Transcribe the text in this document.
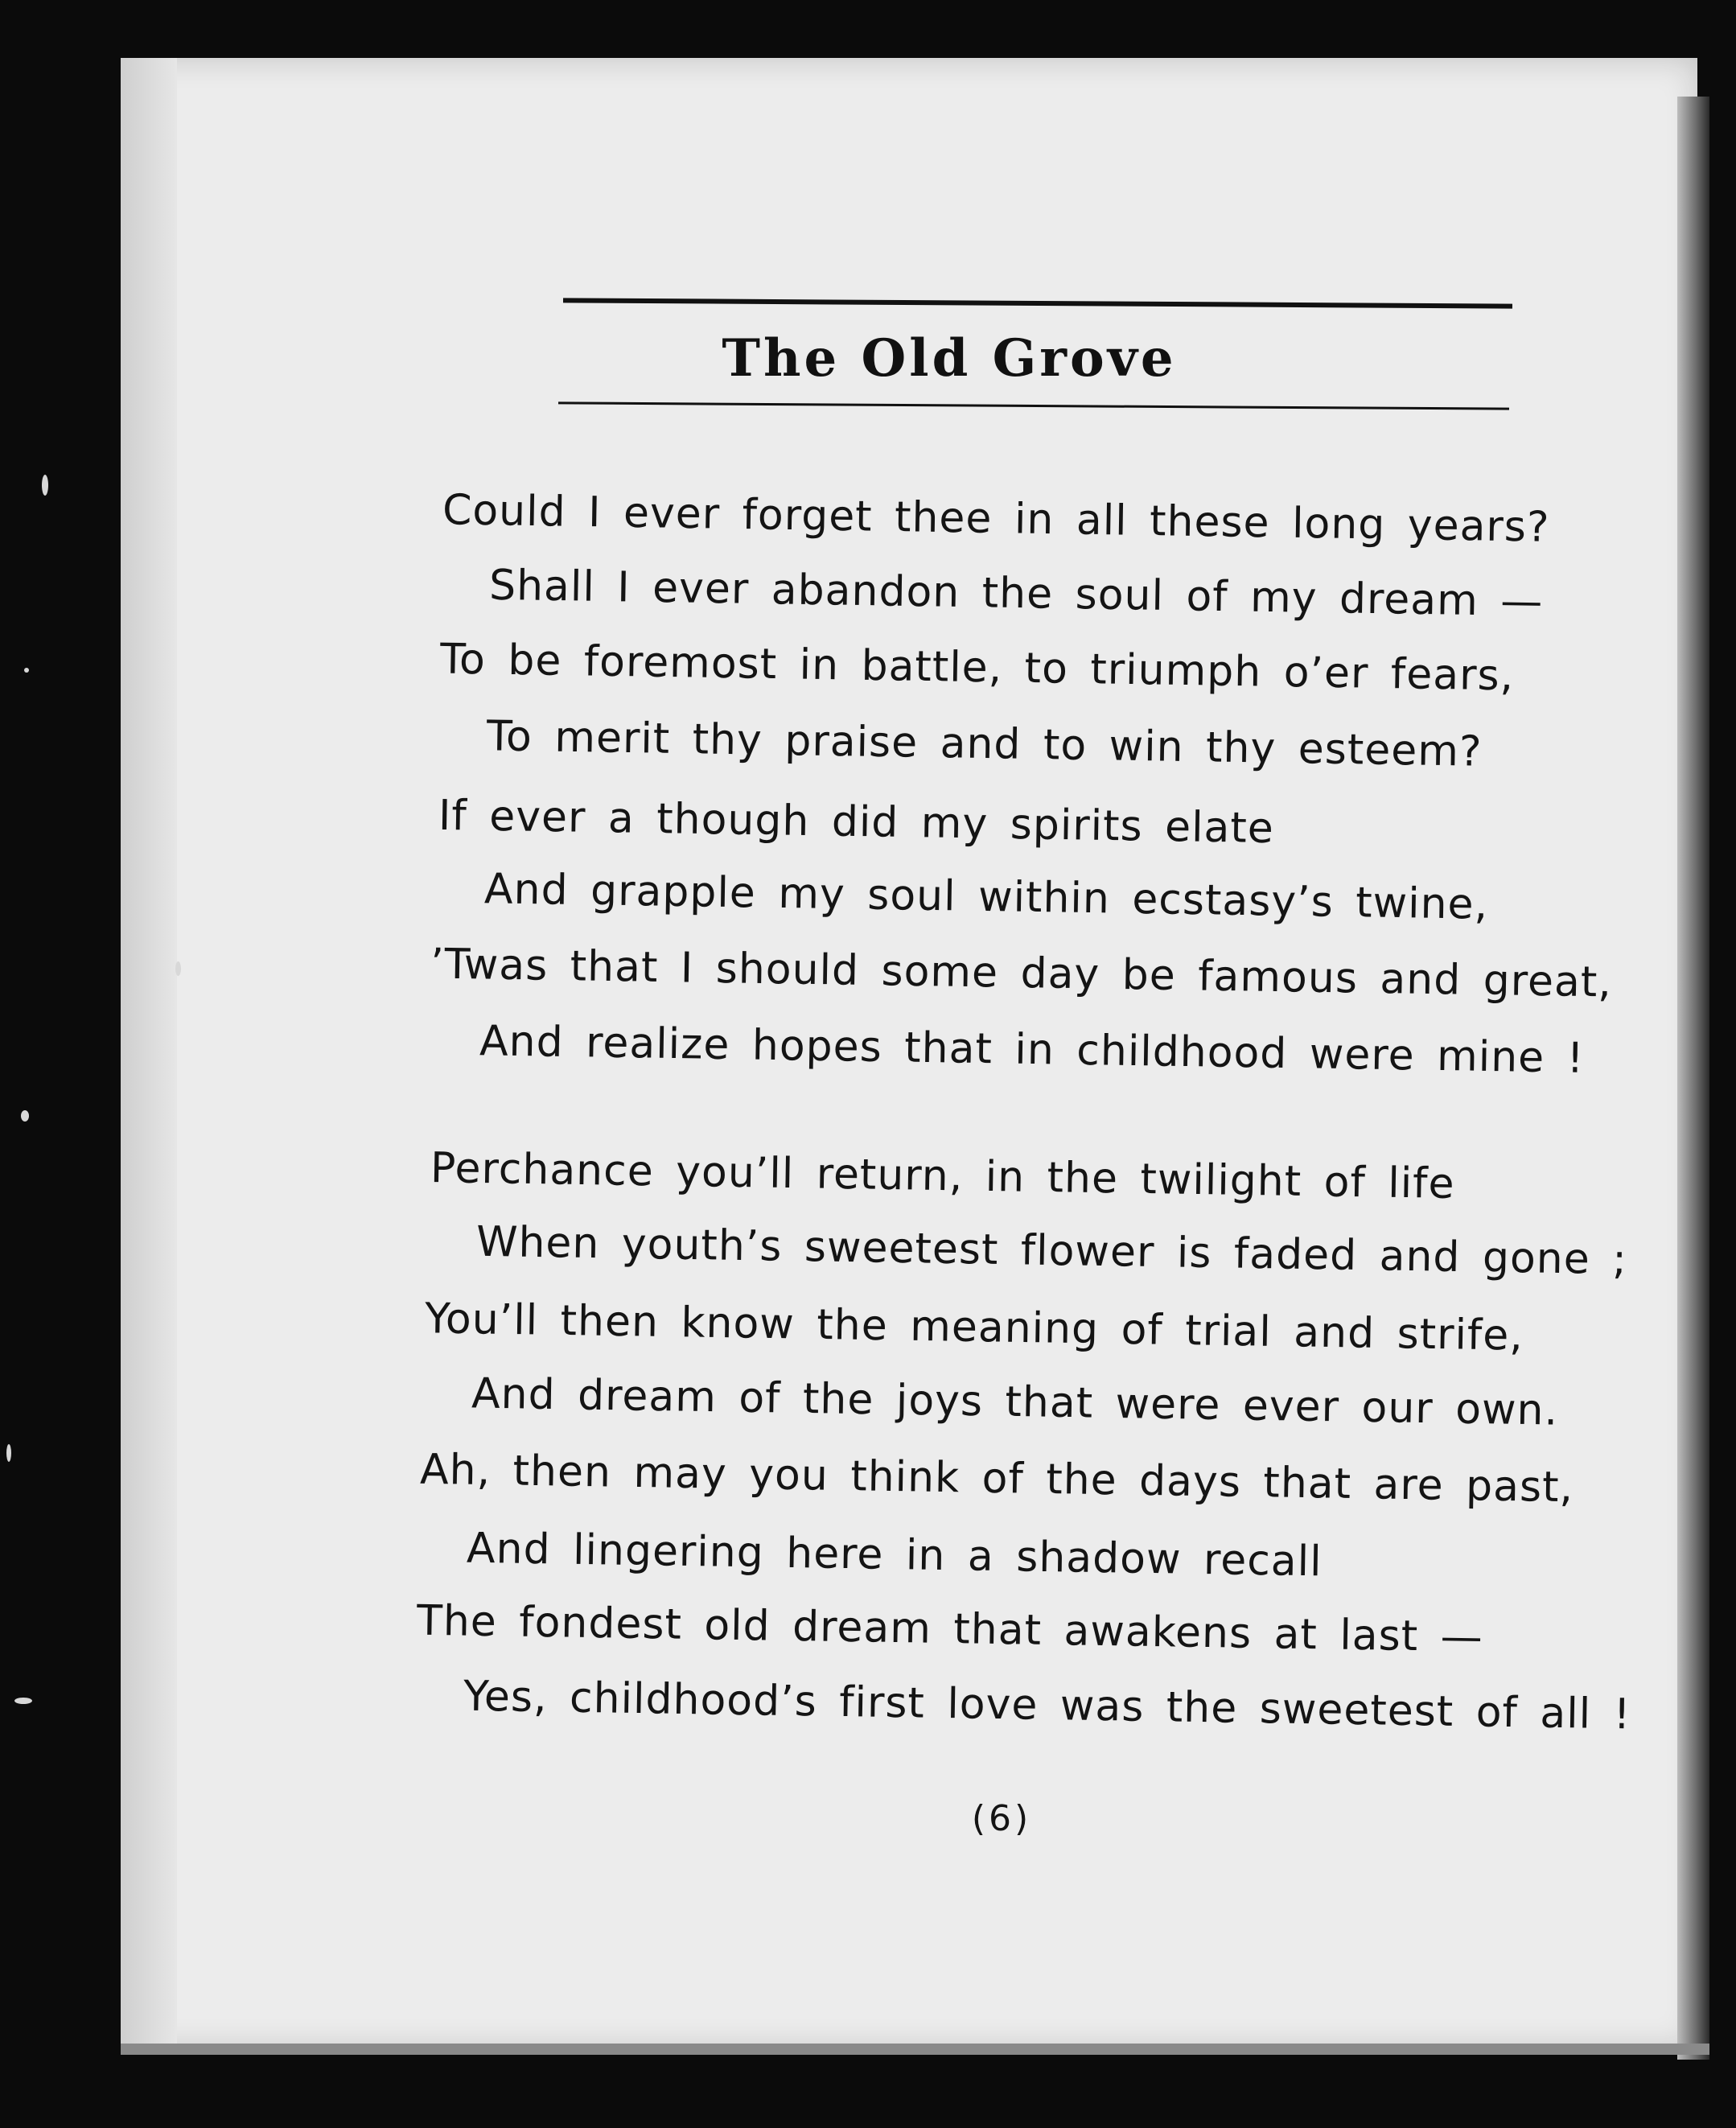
The Old Grove
Could I ever forget thee in all these long years?
Shall I ever abandon the soul of my dream —
To be foremost in battle, to triumph o’er fears,
To merit thy praise and to win thy esteem?
If ever a though did my spirits elate
And grapple my soul within ecstasy’s twine,
’Twas that I should some day be famous and great,
And realize hopes that in childhood were mine !
Perchance you’ll return, in the twilight of life
When youth’s sweetest flower is faded and gone ;
You’ll then know the meaning of trial and strife,
And dream of the joys that were ever our own.
Ah, then may you think of the days that are past,
And lingering here in a shadow recall
The fondest old dream that awakens at last —
Yes, childhood’s first love was the sweetest of all !
(6)
